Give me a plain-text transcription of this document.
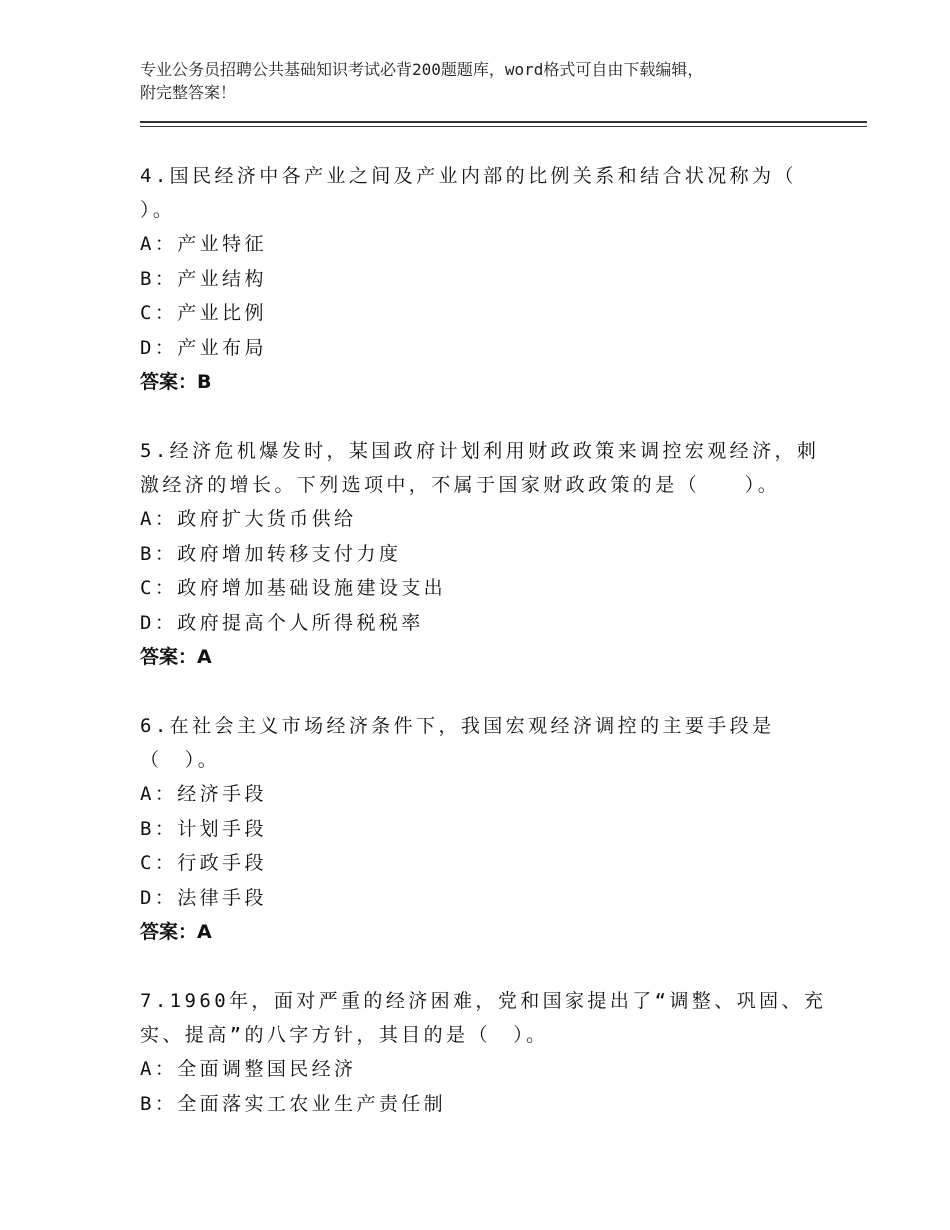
专业公务员招聘公共基础知识考试必背200题题库，word格式可自由下载编辑，
附完整答案！

4.国民经济中各产业之间及产业内部的比例关系和结合状况称为（

）。

A：产业特征

B：产业结构

C：产业比例

D：产业布局

答案：B

5.经济危机爆发时，某国政府计划利用财政政策来调控宏观经济，刺

激经济的增长。下列选项中，不属于国家财政政策的是（　　）。

A：政府扩大货币供给

B：政府增加转移支付力度

C：政府增加基础设施建设支出

D：政府提高个人所得税税率

答案：A

6.在社会主义市场经济条件下，我国宏观经济调控的主要手段是

（　）。

A：经济手段

B：计划手段

C：行政手段

D：法律手段

答案：A

7.1960年，面对严重的经济困难，党和国家提出了“调整、巩固、充

实、提高”的八字方针，其目的是（　）。

A：全面调整国民经济

B：全面落实工农业生产责任制
